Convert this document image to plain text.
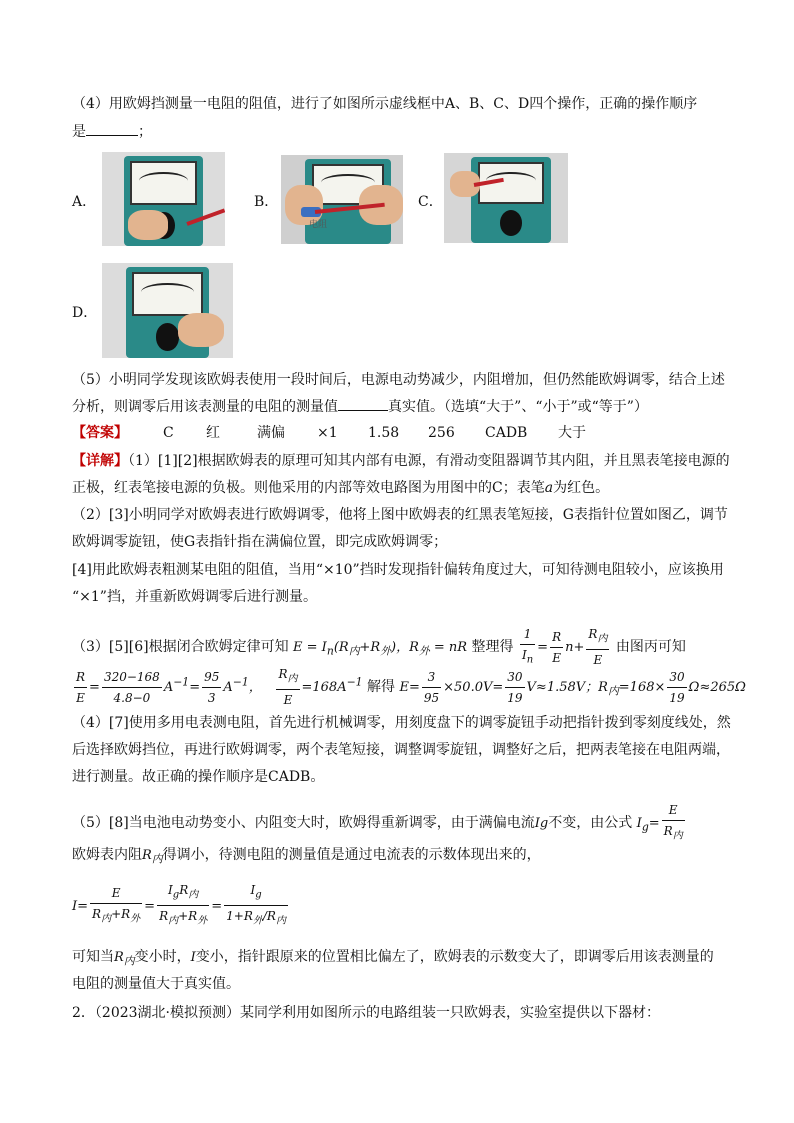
（4）用欧姆挡测量一电阻的阻值，进行了如图所示虚线框中A、B、C、D四个操作，正确的操作顺序
是	；
A．	B．	C．
D．
电阻
（5）小明同学发现该欧姆表使用一段时间后，电源电动势减少，内阻增加，但仍然能欧姆调零，结合上述
分析，则调零后用该表测量的电阻的测量值	真实值。（选填“大于”、“小于”或“等于”）
【答案】	C 红	满偏 ×1 1.58 256 CADB 大于
【详解】（1）[1][2]根据欧姆表的原理可知其内部有电源，有滑动变阻器调节其内阻，并且黑表笔接电源的
正极，红表笔接电源的负极。则他采用的内部等效电路图为用图中的C；表笔a为红色。
（2）[3]小明同学对欧姆表进行欧姆调零，他将上图中欧姆表的红黑表笔短接，G表指针位置如图乙，调节
欧姆调零旋钮，使G表指针指在满偏位置，即完成欧姆调零；
[4]用此欧姆表粗测某电阻的阻值，当用“×10”挡时发现指针偏转角度过大，可知待测电阻较小，应该换用
“×1”挡，并重新欧姆调零后进行测量。
（3）[5][6]根据闭合欧姆定律可知 $E = I_n(R_内+R_外)$，$R_外$ = nR 整理得 $\frac{1}{I_n} = \frac{R}{E} n+ \frac{R_内}{E}$ 由图丙可知
$\frac{R}{E} = \frac{320-168}{4.8-0} A^{-1}= \frac{95}{3} A^{-1}$， $\frac{R_内}{E} =168A^{-1}$ 解得 $E= \frac{3}{95} \times 50.0V= \frac{30}{19} V\approx 1.58V$；$R_内=168\times \frac{30}{19} \Omega\approx 265\Omega$
（4）[7]使用多用电表测电阻，首先进行机械调零，用刻度盘下的调零旋钮手动把指针拨到零刻度线处，然
后选择欧姆挡位，再进行欧姆调零，两个表笔短接，调整调零旋钮，调整好之后，把两表笔接在电阻两端，
进行测量。故正确的操作顺序是CADB。
（5）[8]当电池电动势变小、内阻变大时，欧姆得重新调零，由于满偏电流Ig不变，由公式 $I_g= \frac{E}{R_内}$
欧姆表内阻$R_内$得调小，待测电阻的测量值是通过电流表的示数体现出来的，
$I= \frac{E}{R_内+R_外} = \frac{I_gR_内}{R_内+R_外} = \frac{I_g}{1+R_外/R_内}$
可知当$R_内$变小时，I变小，指针跟原来的位置相比偏左了，欧姆表的示数变大了，即调零后用该表测量的
电阻的测量值大于真实值。
2．（2023湖北·模拟预测）某同学利用如图所示的电路组装一只欧姆表，实验室提供以下器材：
